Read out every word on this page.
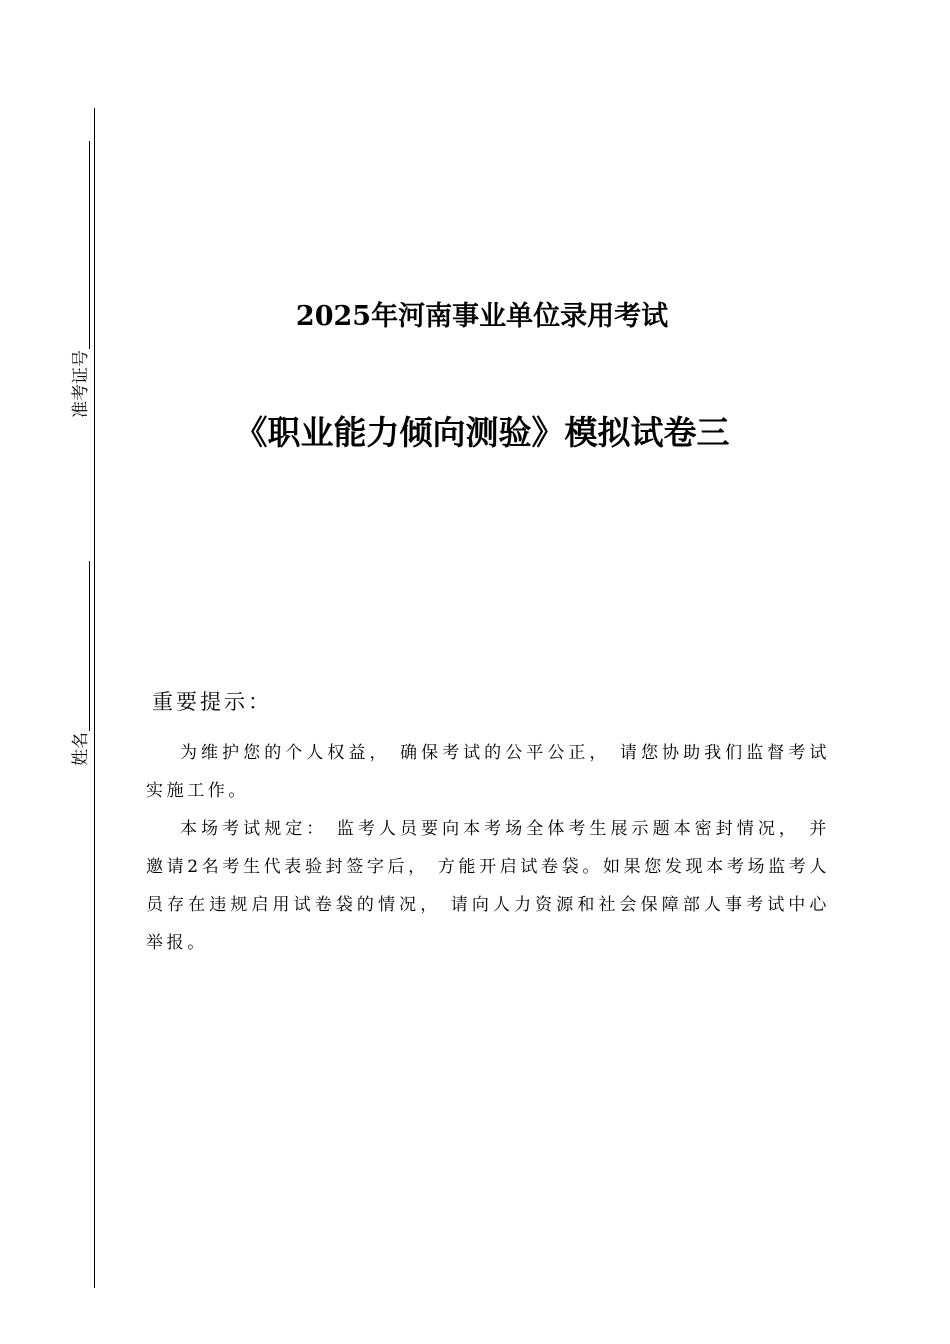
准考证号
姓名
2025年河南事业单位录用考试
《职业能力倾向测验》模拟试卷三
重要提示：

为维护您的个人权益， 确保考试的公平公正， 请您协助我们监督考试实施工作。

本场考试规定： 监考人员要向本考场全体考生展示题本密封情况， 并邀请2名考生代表验封签字后， 方能开启试卷袋。如果您发现本考场监考人员存在违规启用试卷袋的情况， 请向人力资源和社会保障部人事考试中心举报。
